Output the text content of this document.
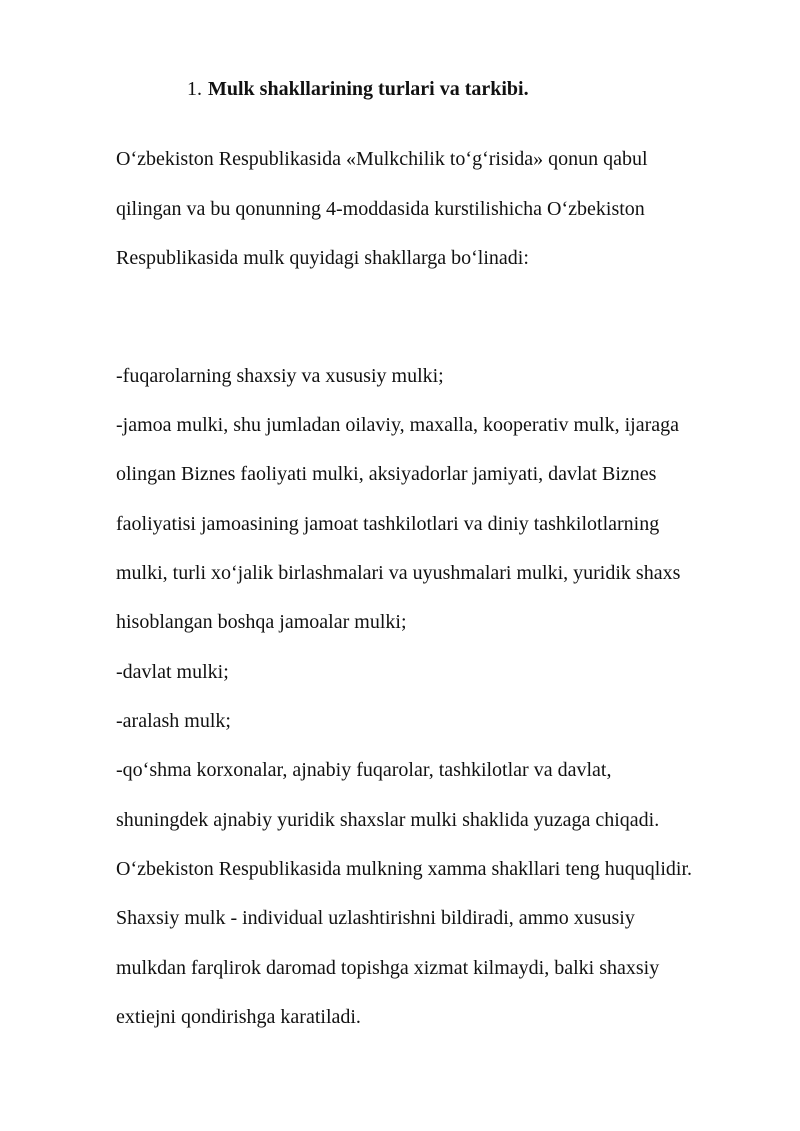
1. Mulk shakllarining turlari va tarkibi.
O‘zbekiston Respublikasida «Mulkchilik to‘g‘risida» qonun qabul
qilingan va bu qonunning 4-moddasida kurstilishicha O‘zbekiston
Respublikasida mulk quyidagi shakllarga bo‘linadi:
-fuqarolarning shaxsiy va xususiy mulki;
-jamoa mulki, shu jumladan oilaviy, maxalla, kooperativ mulk, ijaraga
olingan Biznes faoliyati mulki, aksiyadorlar jamiyati, davlat Biznes
faoliyatisi jamoasining jamoat tashkilotlari va diniy tashkilotlarning
mulki, turli xo‘jalik birlashmalari va uyushmalari mulki, yuridik shaxs
hisoblangan boshqa jamoalar mulki;
-davlat mulki;
-aralash mulk;
-qo‘shma korxonalar, ajnabiy fuqarolar, tashkilotlar va davlat,
shuningdek ajnabiy yuridik shaxslar mulki shaklida yuzaga chiqadi.
O‘zbekiston Respublikasida mulkning xamma shakllari teng huquqlidir.
Shaxsiy mulk - individual uzlashtirishni bildiradi, ammo xususiy
mulkdan farqlirok daromad topishga xizmat kilmaydi, balki shaxsiy
extiejni qondirishga karatiladi.
